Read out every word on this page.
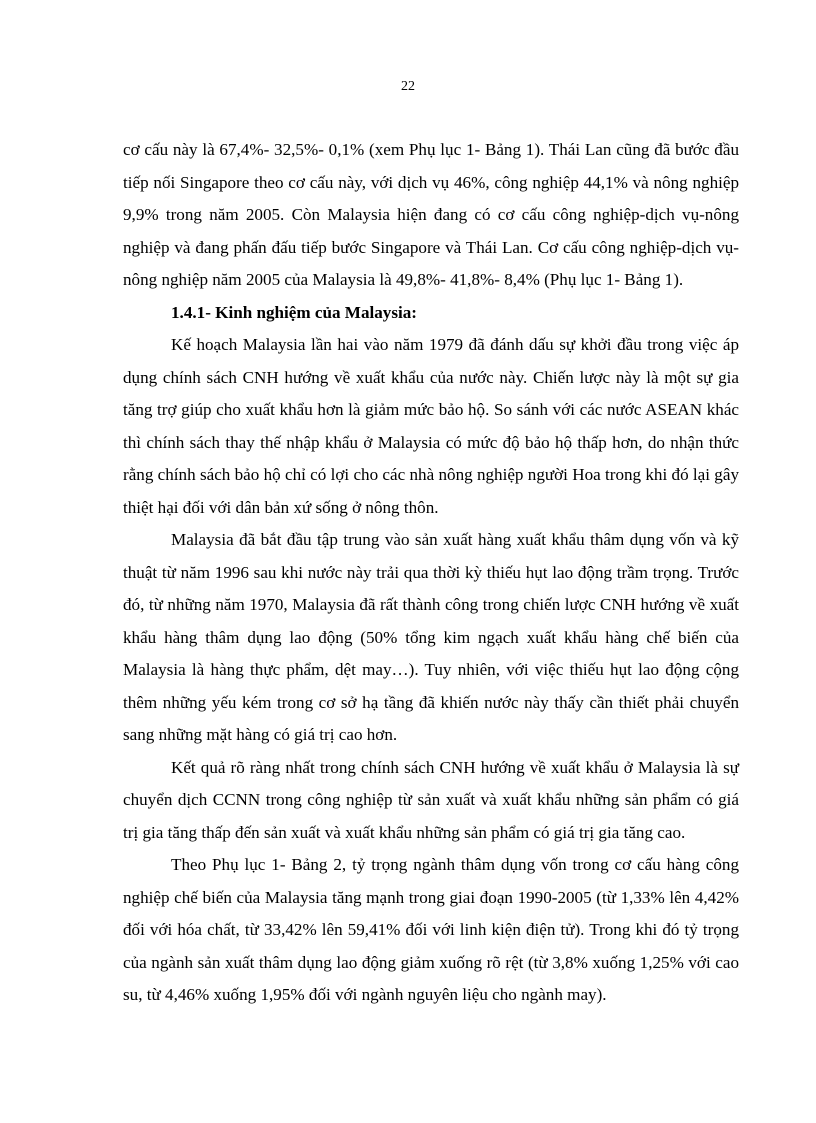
22

cơ cấu này là 67,4%- 32,5%- 0,1% (xem Phụ lục 1- Bảng 1). Thái Lan cũng đã bước đầu tiếp nối Singapore theo cơ cấu này, với dịch vụ 46%, công nghiệp 44,1% và nông nghiệp 9,9% trong năm 2005. Còn Malaysia hiện đang có cơ cấu công nghiệp-dịch vụ-nông nghiệp và đang phấn đấu tiếp bước Singapore và Thái Lan. Cơ cấu công nghiệp-dịch vụ-nông nghiệp năm 2005 của Malaysia là 49,8%- 41,8%- 8,4% (Phụ lục 1- Bảng 1).

1.4.1- Kinh nghiệm của Malaysia:

Kế hoạch Malaysia lần hai vào năm 1979 đã đánh dấu sự khởi đầu trong việc áp dụng chính sách CNH hướng về xuất khẩu của nước này. Chiến lược này là một sự gia tăng trợ giúp cho xuất khẩu hơn là giảm mức bảo hộ. So sánh với các nước ASEAN khác thì chính sách thay thế nhập khẩu ở Malaysia có mức độ bảo hộ thấp hơn, do nhận thức rằng chính sách bảo hộ chỉ có lợi cho các nhà nông nghiệp người Hoa trong khi đó lại gây thiệt hại đối với dân bản xứ sống ở nông thôn.

Malaysia đã bắt đầu tập trung vào sản xuất hàng xuất khẩu thâm dụng vốn và kỹ thuật từ năm 1996 sau khi nước này trải qua thời kỳ thiếu hụt lao động trầm trọng. Trước đó, từ những năm 1970, Malaysia đã rất thành công trong chiến lược CNH hướng về xuất khẩu hàng thâm dụng lao động (50% tổng kim ngạch xuất khẩu hàng chế biến của Malaysia là hàng thực phẩm, dệt may…). Tuy nhiên, với việc thiếu hụt lao động cộng thêm những yếu kém trong cơ sở hạ tầng đã khiến nước này thấy cần thiết phải chuyển sang những mặt hàng có giá trị cao hơn.

Kết quả rõ ràng nhất trong chính sách CNH hướng về xuất khẩu ở Malaysia là sự chuyển dịch CCNN trong công nghiệp từ sản xuất và xuất khẩu những sản phẩm có giá trị gia tăng thấp đến sản xuất và xuất khẩu những sản phẩm có giá trị gia tăng cao.

Theo Phụ lục 1- Bảng 2, tỷ trọng ngành thâm dụng vốn trong cơ cấu hàng công nghiệp chế biến của Malaysia tăng mạnh trong giai đoạn 1990-2005 (từ 1,33% lên 4,42% đối với hóa chất, từ 33,42% lên 59,41% đối với linh kiện điện tử). Trong khi đó tỷ trọng của ngành sản xuất thâm dụng lao động giảm xuống rõ rệt (từ 3,8% xuống 1,25% với cao su, từ 4,46% xuống 1,95% đối với ngành nguyên liệu cho ngành may).
